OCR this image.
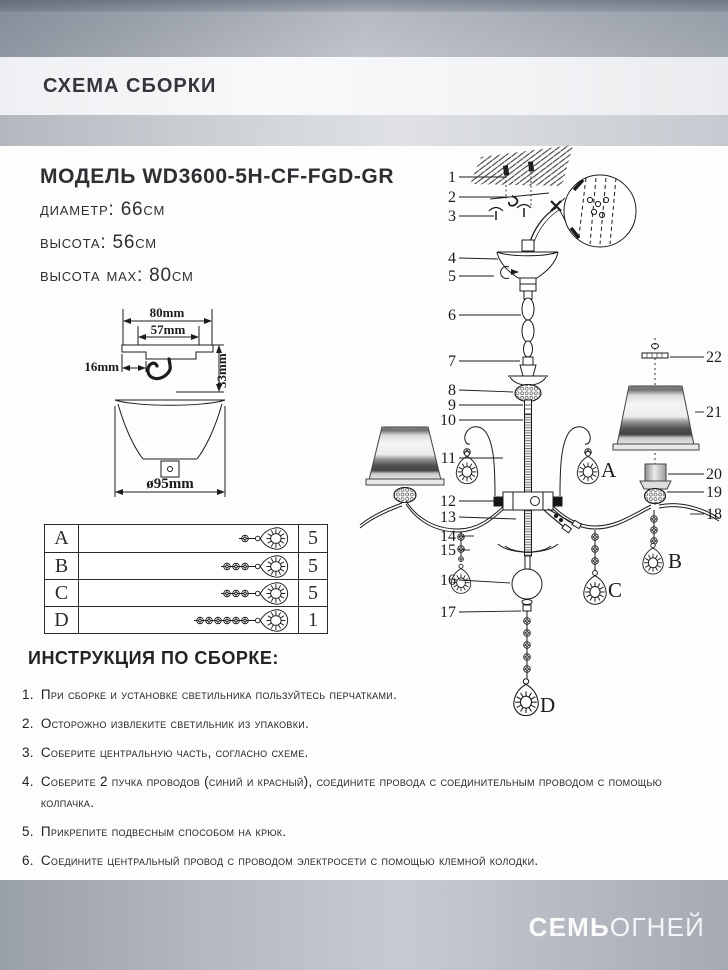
СХЕМА СБОРКИ
МОДЕЛЬ WD3600-5H-CF-FGD-GR
диаметр: 66см
высота: 56см
высота max: 80см
80mm
57mm
16mm	33mm
ø95mm
A	5
B	5
C	5
D	1
1
2
3
4
5
6
7
8
9
10
11
12
13
14
15
16
17
18
19
20
21
22
A
B
C
D
ИНСТРУКЦИЯ ПО СБОРКЕ:
1. При сборке и установке светильника пользуйтесь перчатками.
2. Осторожно извлеките светильник из упаковки.
3. Соберите центральную часть, согласно схеме.
4. Соберите 2 пучка проводов (синий и красный), соедините провода с соединительным проводом с помощью колпачка.
5. Прикрепите подвесным способом на крюк.
6. Соедините центральный провод с проводом электросети с помощью клемной колодки.
СЕМЬОГНЕЙ
